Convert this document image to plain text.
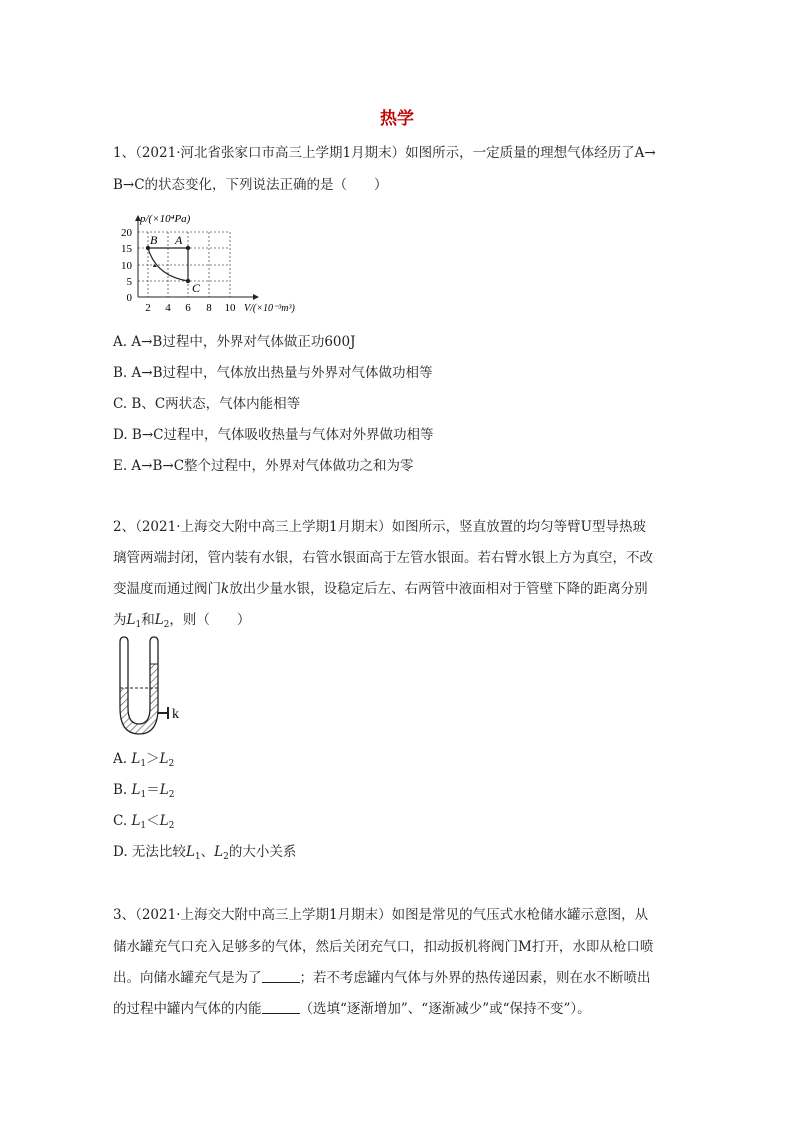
热学
1、（2021·河北省张家口市高三上学期1月期末）如图所示，一定质量的理想气体经历了A→
B→C的状态变化，下列说法正确的是（　　）
p/(×10⁴Pa)
V/(×10⁻³m³)
20
15
10
5
0
2 4 6 8 10
B A
C
A. A→B过程中，外界对气体做正功600J
B. A→B过程中，气体放出热量与外界对气体做功相等
C. B、C两状态，气体内能相等
D. B→C过程中，气体吸收热量与气体对外界做功相等
E. A→B→C整个过程中，外界对气体做功之和为零
2、（2021·上海交大附中高三上学期1月期末）如图所示，竖直放置的均匀等臂U型导热玻
璃管两端封闭，管内装有水银，右管水银面高于左管水银面。若右臂水银上方为真空，不改
变温度而通过阀门k放出少量水银，设稳定后左、右两管中液面相对于管壁下降的距离分别
为$L_1$和$L_2$，则（　　）
k
A. $L_1>L_2$
B. $L_1=L_2$
C. $L_1<L_2$
D. 无法比较$L_1$、$L_2$的大小关系
3、（2021·上海交大附中高三上学期1月期末）如图是常见的气压式水枪储水罐示意图，从
储水罐充气口充入足够多的气体，然后关闭充气口，扣动扳机将阀门M打开，水即从枪口喷
出。向储水罐充气是为了	；若不考虑罐内气体与外界的热传递因素，则在水不断喷出
的过程中罐内气体的内能	（选填“逐渐增加”、“逐渐减少”或“保持不变”）。
